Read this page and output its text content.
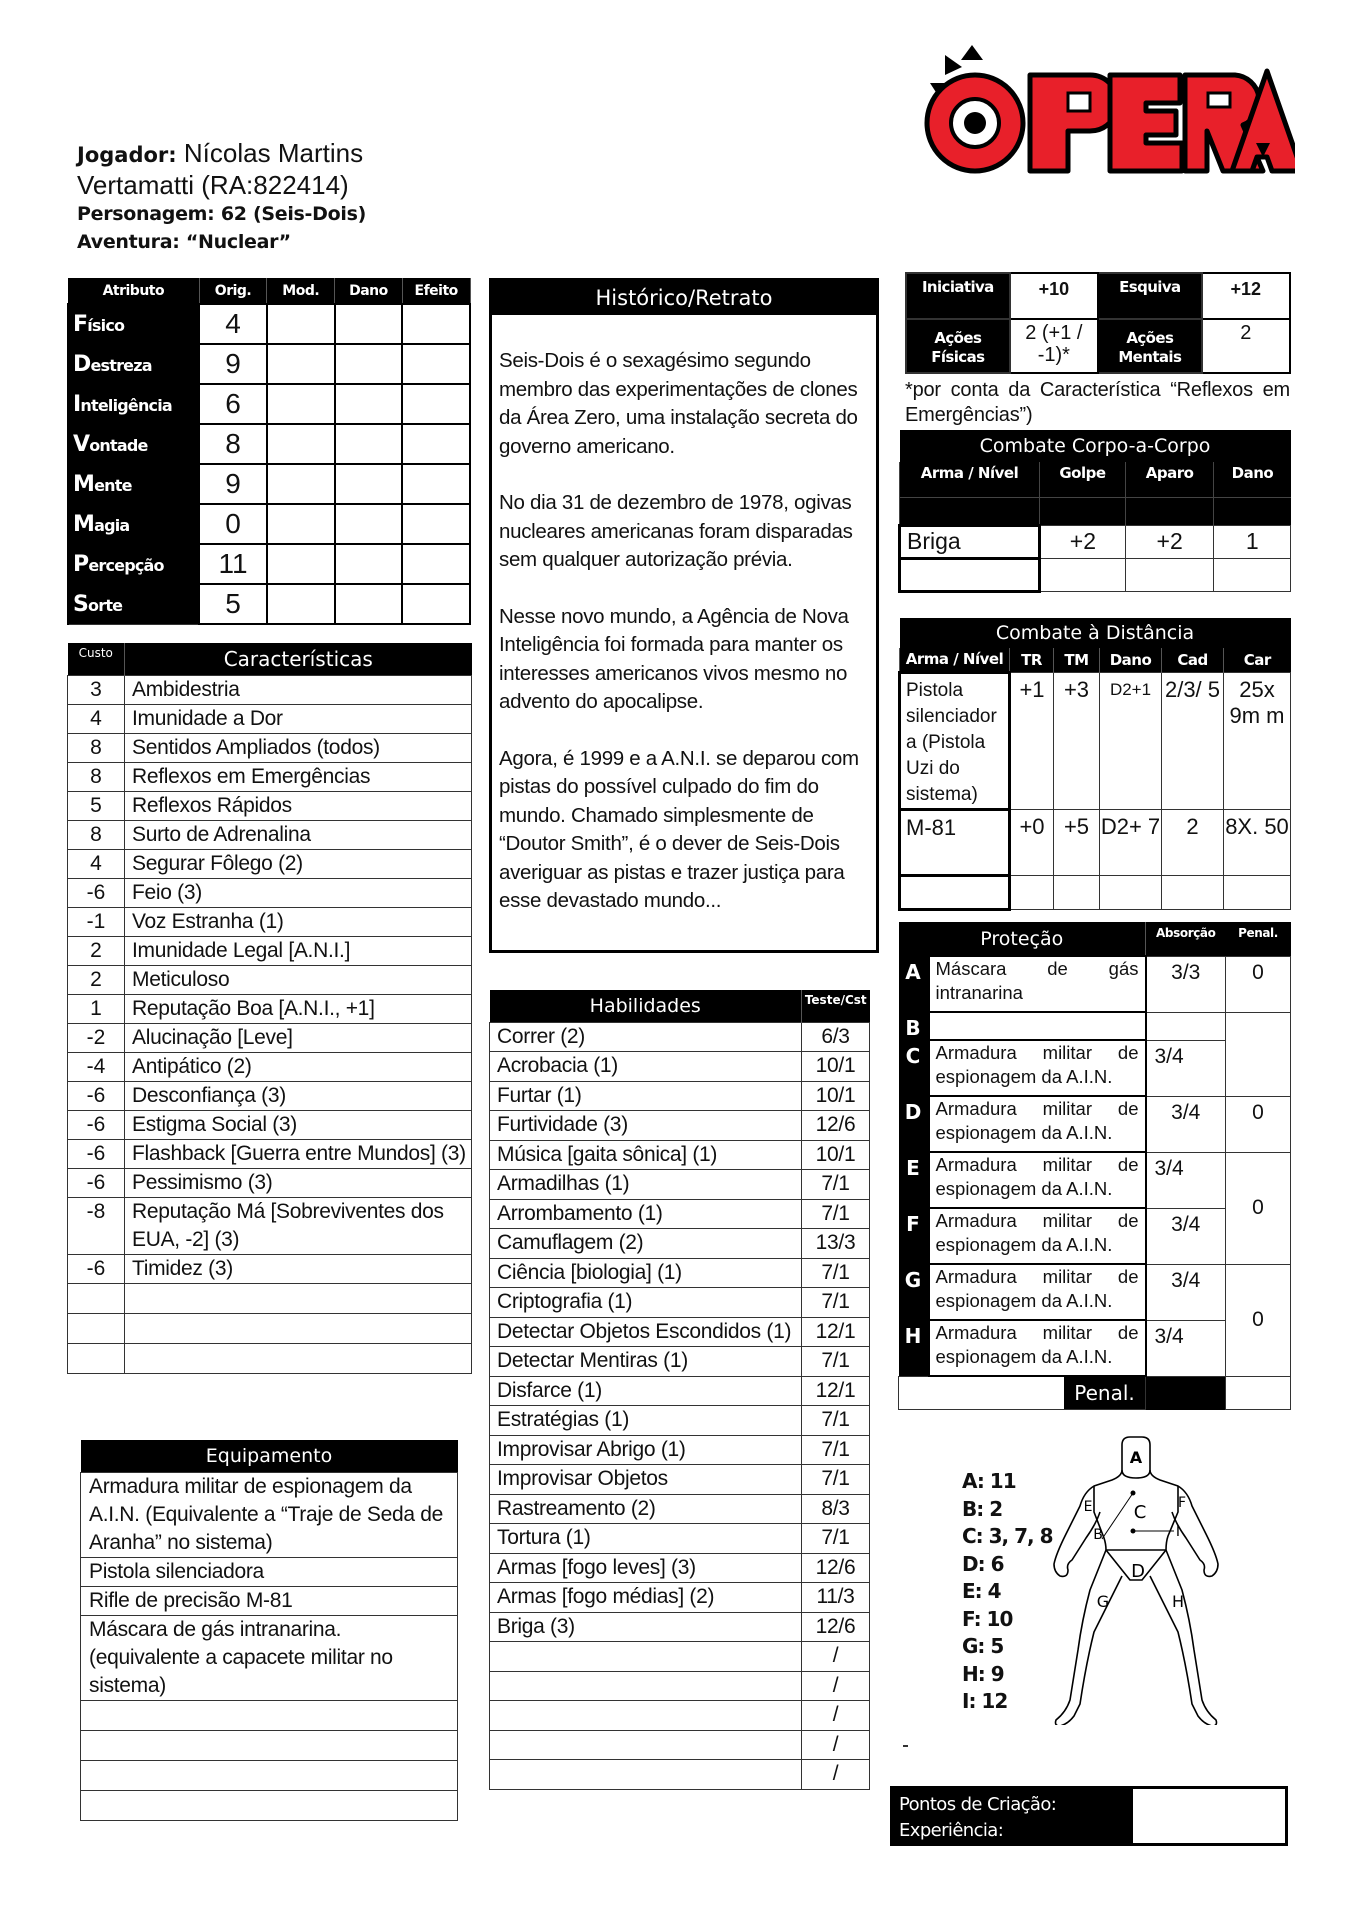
Jogador: Nícolas Martins
Vertamatti (RA:822414)
Personagem: 62 (Seis-Dois)
Aventura: “Nuclear”
Atributo	Orig.	Mod.	Dano	Efeito
Físico	4			
Destreza	9			
Inteligência	6			
Vontade	8			
Mente	9			
Magia	0			
Percepção	11			
Sorte	5			
Custo	Características
3	Ambidestria
4	Imunidade a Dor
8	Sentidos Ampliados (todos)
8	Reflexos em Emergências
5	Reflexos Rápidos
8	Surto de Adrenalina
4	Segurar Fôlego (2)
-6	Feio (3)
-1	Voz Estranha (1)
2	Imunidade Legal [A.N.I.]
2	Meticuloso
1	Reputação Boa [A.N.I., +1]
-2	Alucinação [Leve]
-4	Antipático (2)
-6	Desconfiança (3)
-6	Estigma Social (3)
-6	Flashback [Guerra entre Mundos] (3)
-6	Pessimismo (3)
-8	Reputação Má [Sobreviventes dos EUA, -2] (3)
-6	Timidez (3)

Equipamento
Armadura militar de espionagem da A.I.N. (Equivalente a “Traje de Seda de Aranha” no sistema)
Pistola silenciadora
Rifle de precisão M-81
Máscara de gás intranarina. (equivalente a capacete militar no sistema)

Histórico/Retrato

Seis-Dois é o sexagésimo segundo membro das experimentações de clones da Área Zero, uma instalação secreta do governo americano.

No dia 31 de dezembro de 1978, ogivas nucleares americanas foram disparadas sem qualquer autorização prévia.

Nesse novo mundo, a Agência de Nova Inteligência foi formada para manter os interesses americanos vivos mesmo no advento do apocalipse.

Agora, é 1999 e a A.N.I. se deparou com pistas do possível culpado do fim do mundo. Chamado simplesmente de “Doutor Smith”, é o dever de Seis-Dois averiguar as pistas e trazer justiça para esse devastado mundo...

Habilidades	Teste/Cst
Correr (2)	6/3
Acrobacia (1)	10/1
Furtar (1)	10/1
Furtividade (3)	12/6
Música [gaita sônica] (1)	10/1
Armadilhas (1)	7/1
Arrombamento (1)	7/1
Camuflagem (2)	13/3
Ciência [biologia] (1)	7/1
Criptografia (1)	7/1
Detectar Objetos Escondidos (1)	12/1
Detectar Mentiras (1)	7/1
Disfarce (1)	12/1
Estratégias (1)	7/1
Improvisar Abrigo (1)	7/1
Improvisar Objetos	7/1
Rastreamento (2)	8/3
Tortura (1)	7/1
Armas [fogo leves] (3)	12/6
Armas [fogo médias] (2)	11/3
Briga (3)	12/6
	/
	/
	/
	/
	/
Iniciativa	+10	Esquiva	+12
Ações Físicas	2 (+1 / -1)*	Ações Mentais	2
*por conta da Característica “Reflexos em Emergências”)
Combate Corpo-a-Corpo			
Arma / Nível	Golpe	Aparo	Dano

Briga	+2	+2	1

Combate à Distância					
Arma / Nível	TR	TM	Dano	Cad	Car
Pistola silenciador a (Pistola Uzi do sistema)	+1	+3	D2+1	2/3/ 5	25x 9m m
M-81	+0	+5	D2+ 7	2	8X. 50

Proteção		Absorção	Penal.
A	Máscara de gás intranarina	3/3	0
B			
C	Armadura militar de espionagem da A.I.N.	3/4	
D	Armadura militar de espionagem da A.I.N.	3/4	0
E	Armadura militar de espionagem da A.I.N.	3/4	0
F	Armadura militar de espionagem da A.I.N.	3/4	
G	Armadura militar de espionagem da A.I.N.	3/4	0
H	Armadura militar de espionagem da A.I.N.	3/4	

Penal. Total			

A: 11
B: 2
C: 3, 7, 8
D: 6
E: 4
F: 10
G: 5
H: 9
I: 12
A
B
C
D
E	F
G	H
I
Pontos de Criação:
Experiência:
